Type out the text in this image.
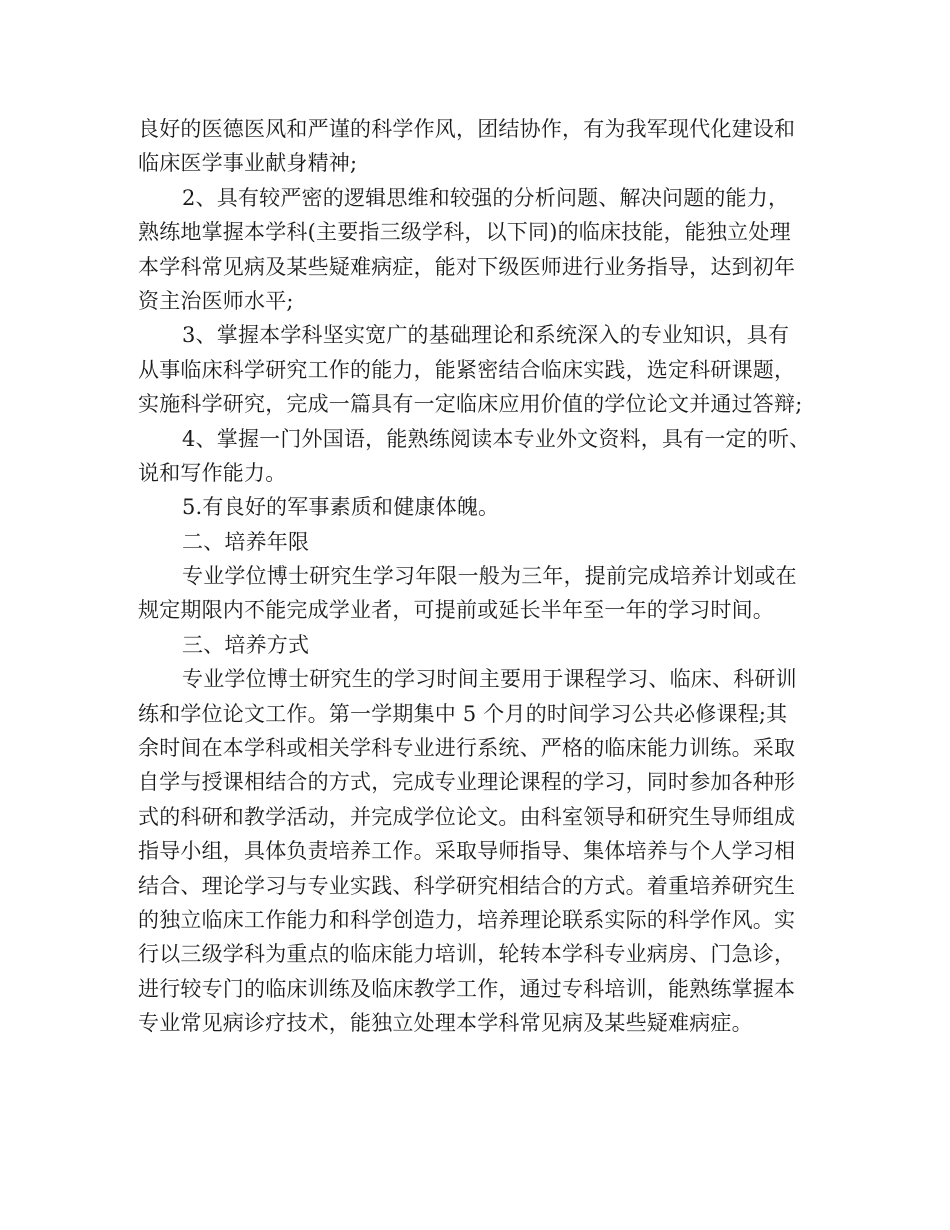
良好的医德医风和严谨的科学作风，团结协作，有为我军现代化建设和
临床医学事业献身精神;
2、具有较严密的逻辑思维和较强的分析问题、解决问题的能力，
熟练地掌握本学科(主要指三级学科，以下同)的临床技能，能独立处理
本学科常见病及某些疑难病症，能对下级医师进行业务指导，达到初年
资主治医师水平;
3、掌握本学科坚实宽广的基础理论和系统深入的专业知识，具有
从事临床科学研究工作的能力，能紧密结合临床实践，选定科研课题，
实施科学研究，完成一篇具有一定临床应用价值的学位论文并通过答辩;
4、掌握一门外国语，能熟练阅读本专业外文资料，具有一定的听、
说和写作能力。
5.有良好的军事素质和健康体魄。
二、培养年限
专业学位博士研究生学习年限一般为三年，提前完成培养计划或在
规定期限内不能完成学业者，可提前或延长半年至一年的学习时间。
三、培养方式
专业学位博士研究生的学习时间主要用于课程学习、临床、科研训
练和学位论文工作。第一学期集中 5 个月的时间学习公共必修课程;其
余时间在本学科或相关学科专业进行系统、严格的临床能力训练。采取
自学与授课相结合的方式，完成专业理论课程的学习，同时参加各种形
式的科研和教学活动，并完成学位论文。由科室领导和研究生导师组成
指导小组，具体负责培养工作。采取导师指导、集体培养与个人学习相
结合、理论学习与专业实践、科学研究相结合的方式。着重培养研究生
的独立临床工作能力和科学创造力，培养理论联系实际的科学作风。实
行以三级学科为重点的临床能力培训，轮转本学科专业病房、门急诊，
进行较专门的临床训练及临床教学工作，通过专科培训，能熟练掌握本
专业常见病诊疗技术，能独立处理本学科常见病及某些疑难病症。
